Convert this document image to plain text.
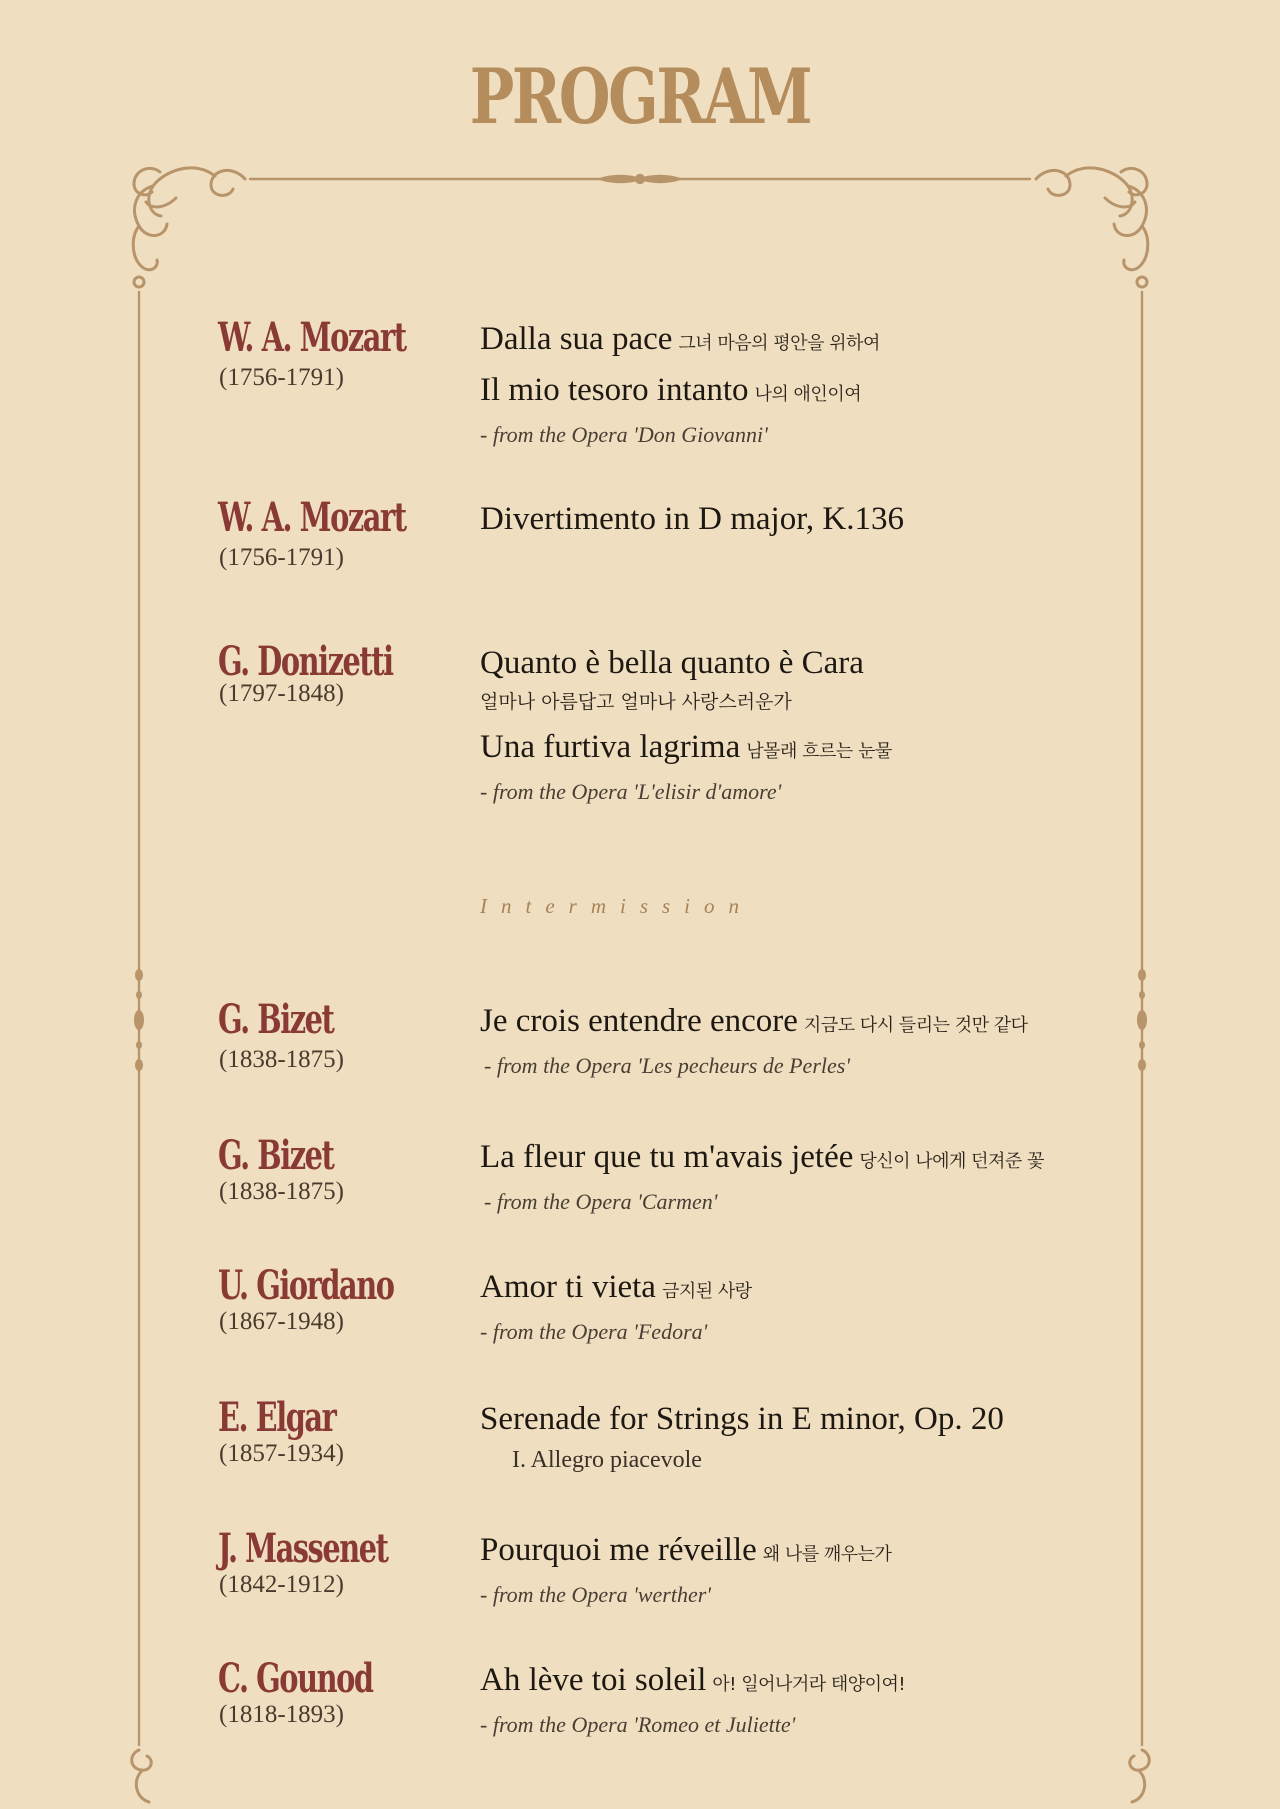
PROGRAM
W. A. Mozart
(1756-1791)
Dalla sua pace 그녀 마음의 평안을 위하여
Il mio tesoro intanto 나의 애인이여
- from the Opera 'Don Giovanni'
W. A. Mozart
(1756-1791)
Divertimento in D major, K.136
G. Donizetti
(1797-1848)
Quanto è bella quanto è Cara
얼마나 아름답고 얼마나 사랑스러운가
Una furtiva lagrima 남몰래 흐르는 눈물
- from the Opera 'L'elisir d'amore'
Intermission
G. Bizet
(1838-1875)
Je crois entendre encore 지금도 다시 들리는 것만 같다
- from the Opera 'Les pecheurs de Perles'
G. Bizet
(1838-1875)
La fleur que tu m'avais jetée 당신이 나에게 던져준 꽃
- from the Opera 'Carmen'
U. Giordano
(1867-1948)
Amor ti vieta 금지된 사랑
- from the Opera 'Fedora'
E. Elgar
(1857-1934)
Serenade for Strings in E minor, Op. 20
I. Allegro piacevole
J. Massenet
(1842-1912)
Pourquoi me réveille 왜 나를 깨우는가
- from the Opera 'werther'
C. Gounod
(1818-1893)
Ah lève toi soleil 아! 일어나거라 태양이여!
- from the Opera 'Romeo et Juliette'
